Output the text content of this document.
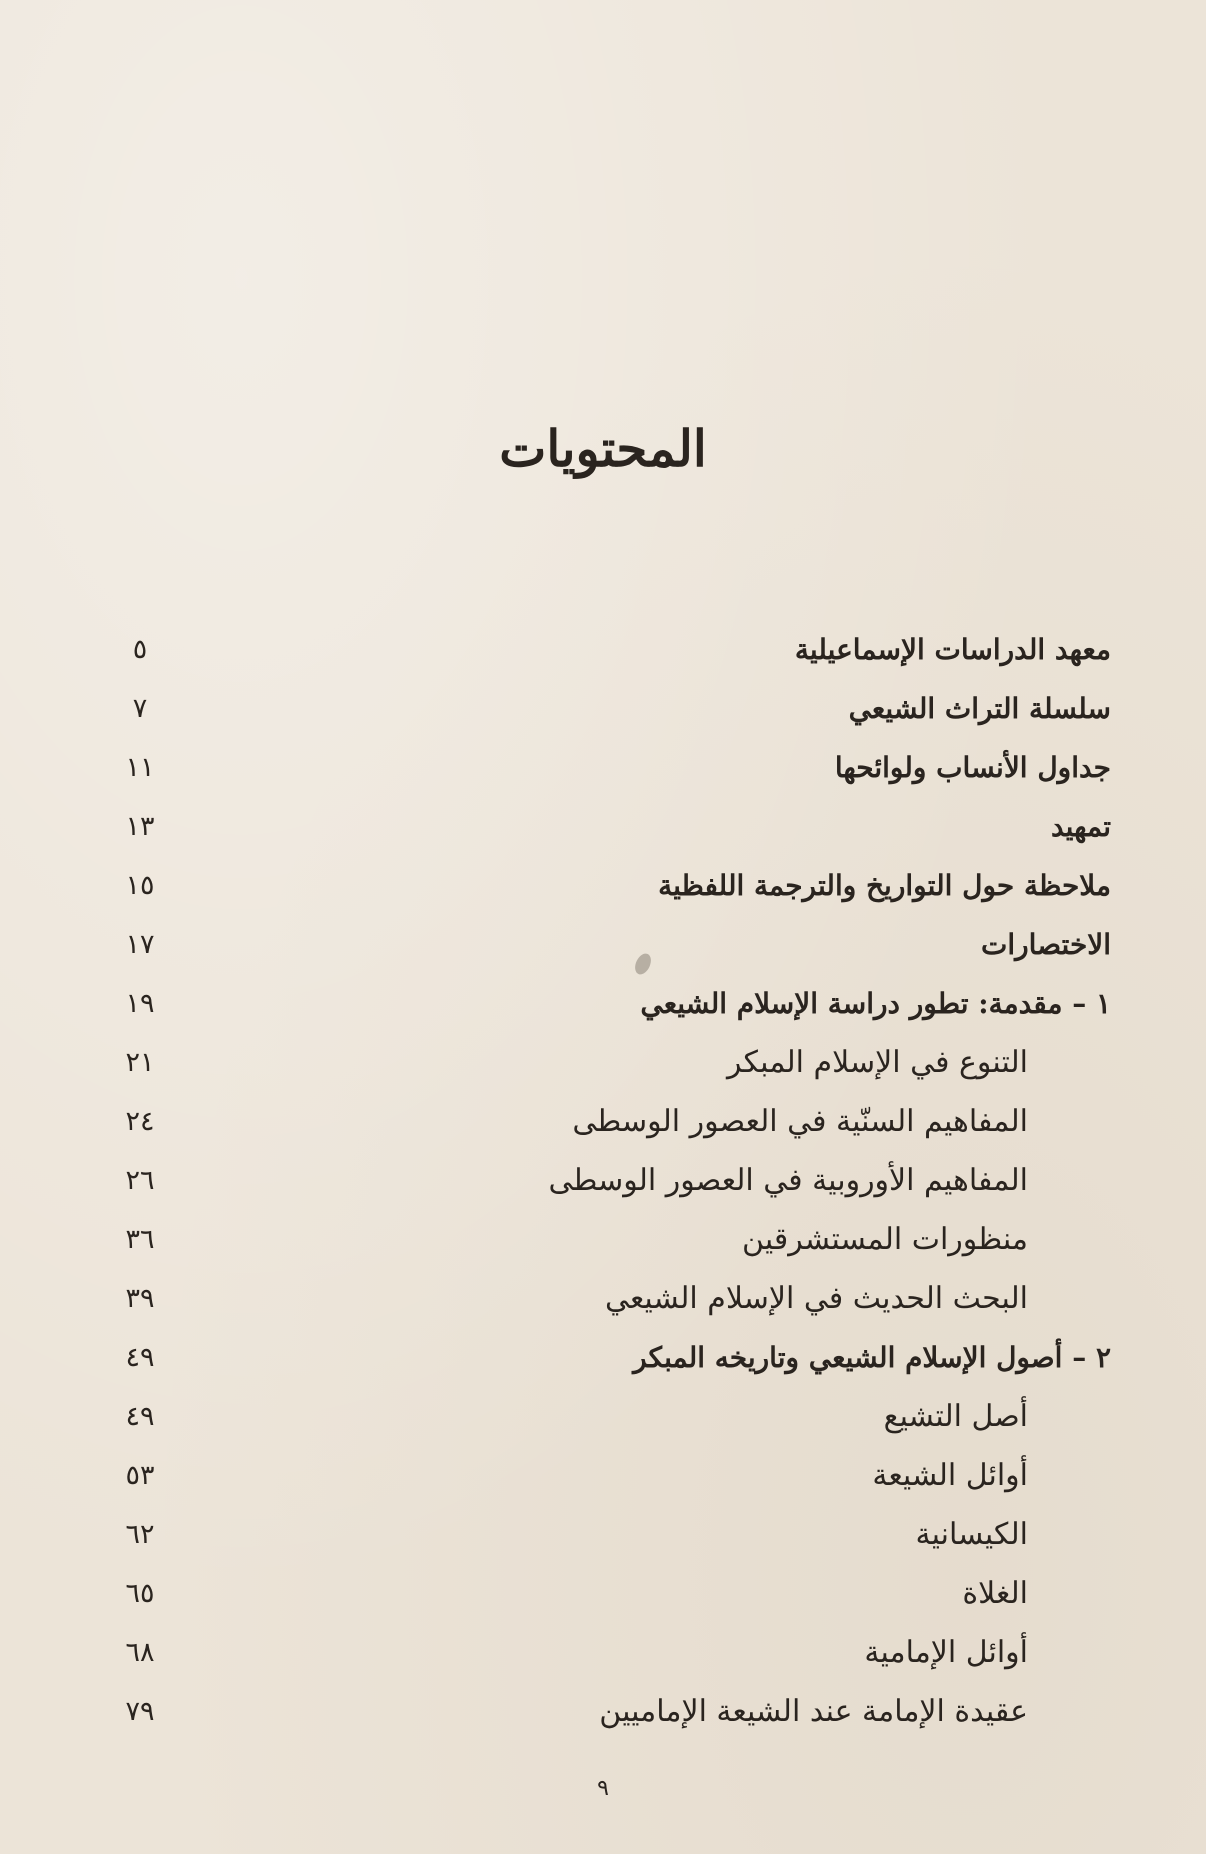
المحتويات
معهد الدراسات الإسماعيلية
٥
سلسلة التراث الشيعي
٧
جداول الأنساب ولوائحها
١١
تمهيد
١٣
ملاحظة حول التواريخ والترجمة اللفظية
١٥
الاختصارات
١٧
١ – مقدمة: تطور دراسة الإسلام الشيعي
١٩
التنوع في الإسلام المبكر
٢١
المفاهيم السنّية في العصور الوسطى
٢٤
المفاهيم الأوروبية في العصور الوسطى
٢٦
منظورات المستشرقين
٣٦
البحث الحديث في الإسلام الشيعي
٣٩
٢ – أصول الإسلام الشيعي وتاريخه المبكر
٤٩
أصل التشيع
٤٩
أوائل الشيعة
٥٣
الكيسانية
٦٢
الغلاة
٦٥
أوائل الإمامية
٦٨
عقيدة الإمامة عند الشيعة الإماميين
٧٩
٩
